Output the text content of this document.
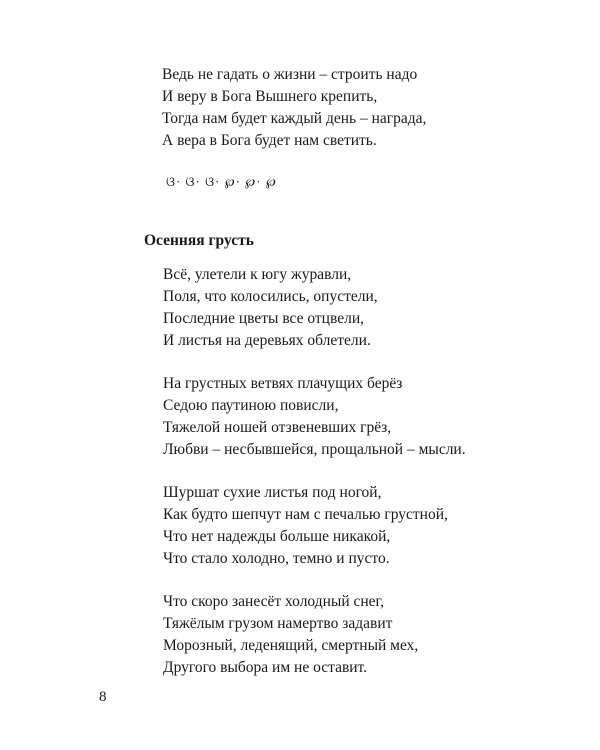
Ведь не гадать о жизни – строить надо
И веру в Бога Вышнего крепить,
Тогда нам будет каждый день – награда,
А вера в Бога будет нам светить.

ଓ· ଓ· ଓ· ℘· ℘· ℘
Осенняя грусть

Всё, улетели к югу журавли,
Поля, что колосились, опустели,
Последние цветы все отцвели,
И листья на деревьях облетели.

На грустных ветвях плачущих берёз
Седою паутиною повисли,
Тяжелой ношей отзвеневших грёз,
Любви – несбывшейся, прощальной – мысли.

Шуршат сухие листья под ногой,
Как будто шепчут нам с печалью грустной,
Что нет надежды больше никакой,
Что стало холодно, темно и пусто.

Что скоро занесёт холодный снег,
Тяжёлым грузом намертво задавит
Морозный, леденящий, смертный мех,
Другого выбора им не оставит.

8
